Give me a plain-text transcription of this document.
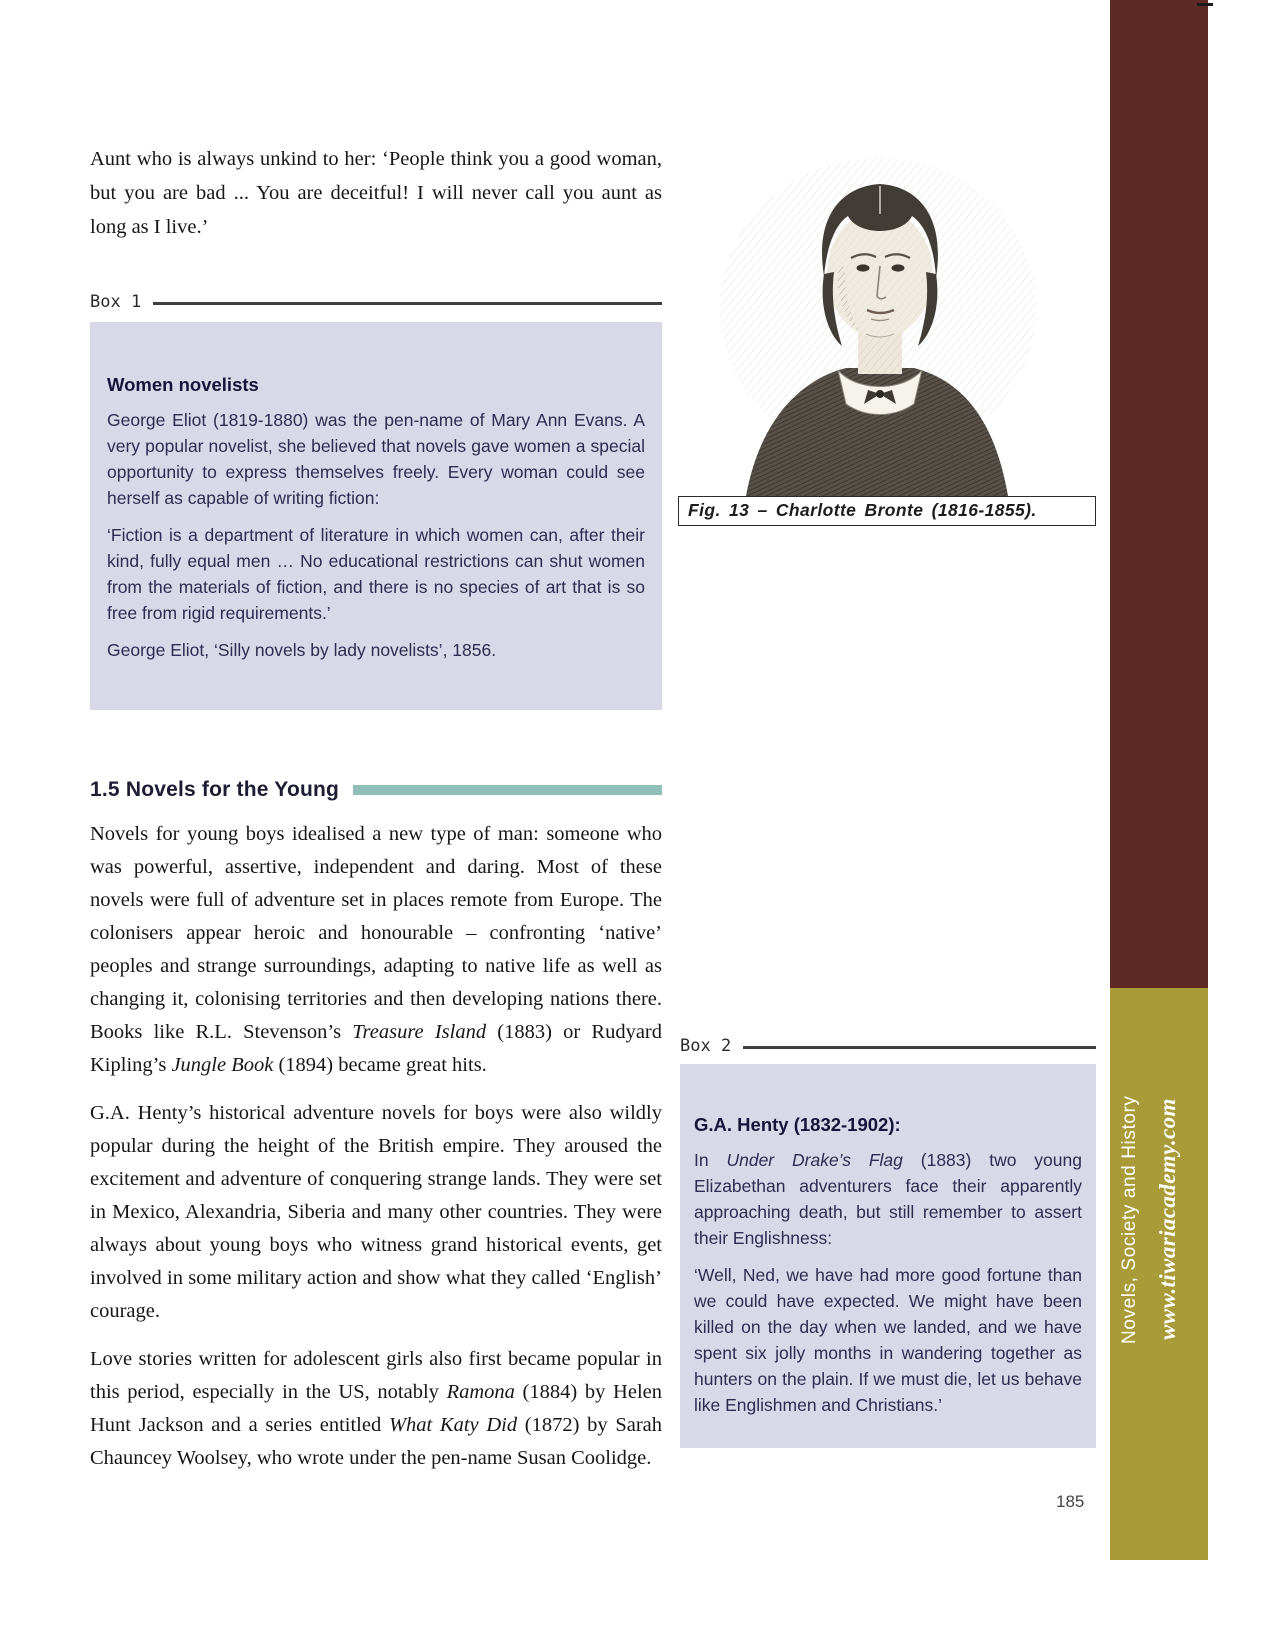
Aunt who is always unkind to her: ‘People think you a good woman, but you are bad ... You are deceitful! I will never call you aunt as long as I live.’

Box 1
Women novelists

George Eliot (1819-1880) was the pen-name of Mary Ann Evans. A very popular novelist, she believed that novels gave women a special opportunity to express themselves freely. Every woman could see herself as capable of writing fiction:

‘Fiction is a department of literature in which women can, after their kind, fully equal men … No educational restrictions can shut women from the materials of fiction, and there is no species of art that is so free from rigid requirements.’

George Eliot, ‘Silly novels by lady novelists’, 1856.

Fig. 13 – Charlotte Bronte (1816-1855).
1.5 Novels for the Young

Novels for young boys idealised a new type of man: someone who was powerful, assertive, independent and daring. Most of these novels were full of adventure set in places remote from Europe. The colonisers appear heroic and honourable – confronting ‘native’ peoples and strange surroundings, adapting to native life as well as changing it, colonising territories and then developing nations there. Books like R.L. Stevenson’s Treasure Island (1883) or Rudyard Kipling’s Jungle Book (1894) became great hits.

G.A. Henty’s historical adventure novels for boys were also wildly popular during the height of the British empire. They aroused the excitement and adventure of conquering strange lands. They were set in Mexico, Alexandria, Siberia and many other countries. They were always about young boys who witness grand historical events, get involved in some military action and show what they called ‘English’ courage.

Love stories written for adolescent girls also first became popular in this period, especially in the US, notably Ramona (1884) by Helen Hunt Jackson and a series entitled What Katy Did (1872) by Sarah Chauncey Woolsey, who wrote under the pen-name Susan Coolidge.

Box 2
G.A. Henty (1832-1902):

In Under Drake’s Flag (1883) two young Elizabethan adventurers face their apparently approaching death, but still remember to assert their Englishness:

‘Well, Ned, we have had more good fortune than we could have expected. We might have been killed on the day when we landed, and we have spent six jolly months in wandering together as hunters on the plain. If we must die, let us behave like Englishmen and Christians.’

Novels, Society and History www.tiwariacademy.com
185
